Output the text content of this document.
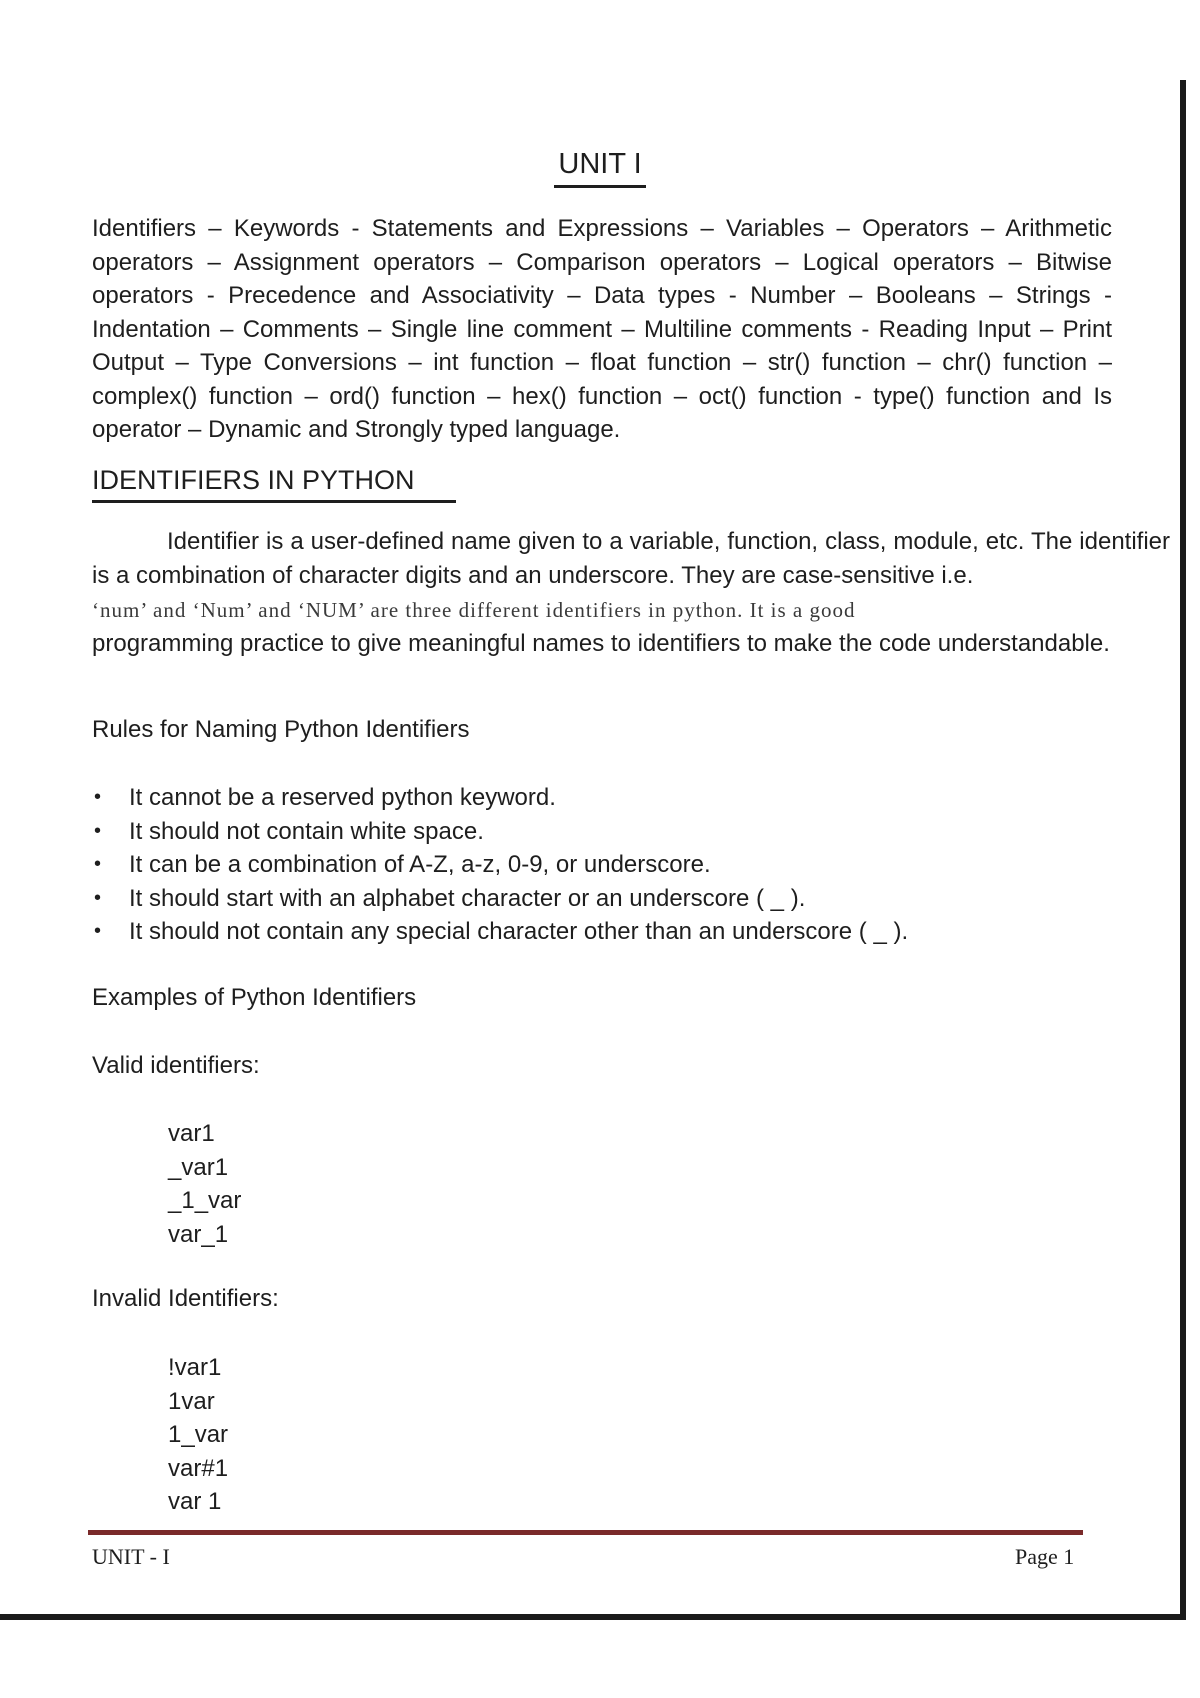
UNIT I
Identifiers – Keywords - Statements and Expressions – Variables – Operators – Arithmetic operators – Assignment operators – Comparison operators – Logical operators – Bitwise operators - Precedence and Associativity – Data types - Number – Booleans – Strings - Indentation – Comments – Single line comment – Multiline comments - Reading Input – Print Output – Type Conversions – int function – float function – str() function – chr() function – complex() function – ord() function – hex() function – oct() function - type() function and Is operator – Dynamic and Strongly typed language.
IDENTIFIERS IN PYTHON

Identifier is a user-defined name given to a variable, function, class, module, etc. The identifier is a combination of character digits and an underscore. They are case-sensitive i.e.

‘num’ and ‘Num’ and ‘NUM’ are three different identifiers in python. It is a good

programming practice to give meaningful names to identifiers to make the code understandable.

Rules for Naming Python Identifiers
• It cannot be a reserved python keyword.
• It should not contain white space.
• It can be a combination of A-Z, a-z, 0-9, or underscore.
• It should start with an alphabet character or an underscore ( _ ).
• It should not contain any special character other than an underscore ( _ ).
Examples of Python Identifiers
Valid identifiers:
var1
_var1
_1_var
var_1
Invalid Identifiers:
!var1
1var
1_var
var#1
var 1
UNIT - I	Page 1
